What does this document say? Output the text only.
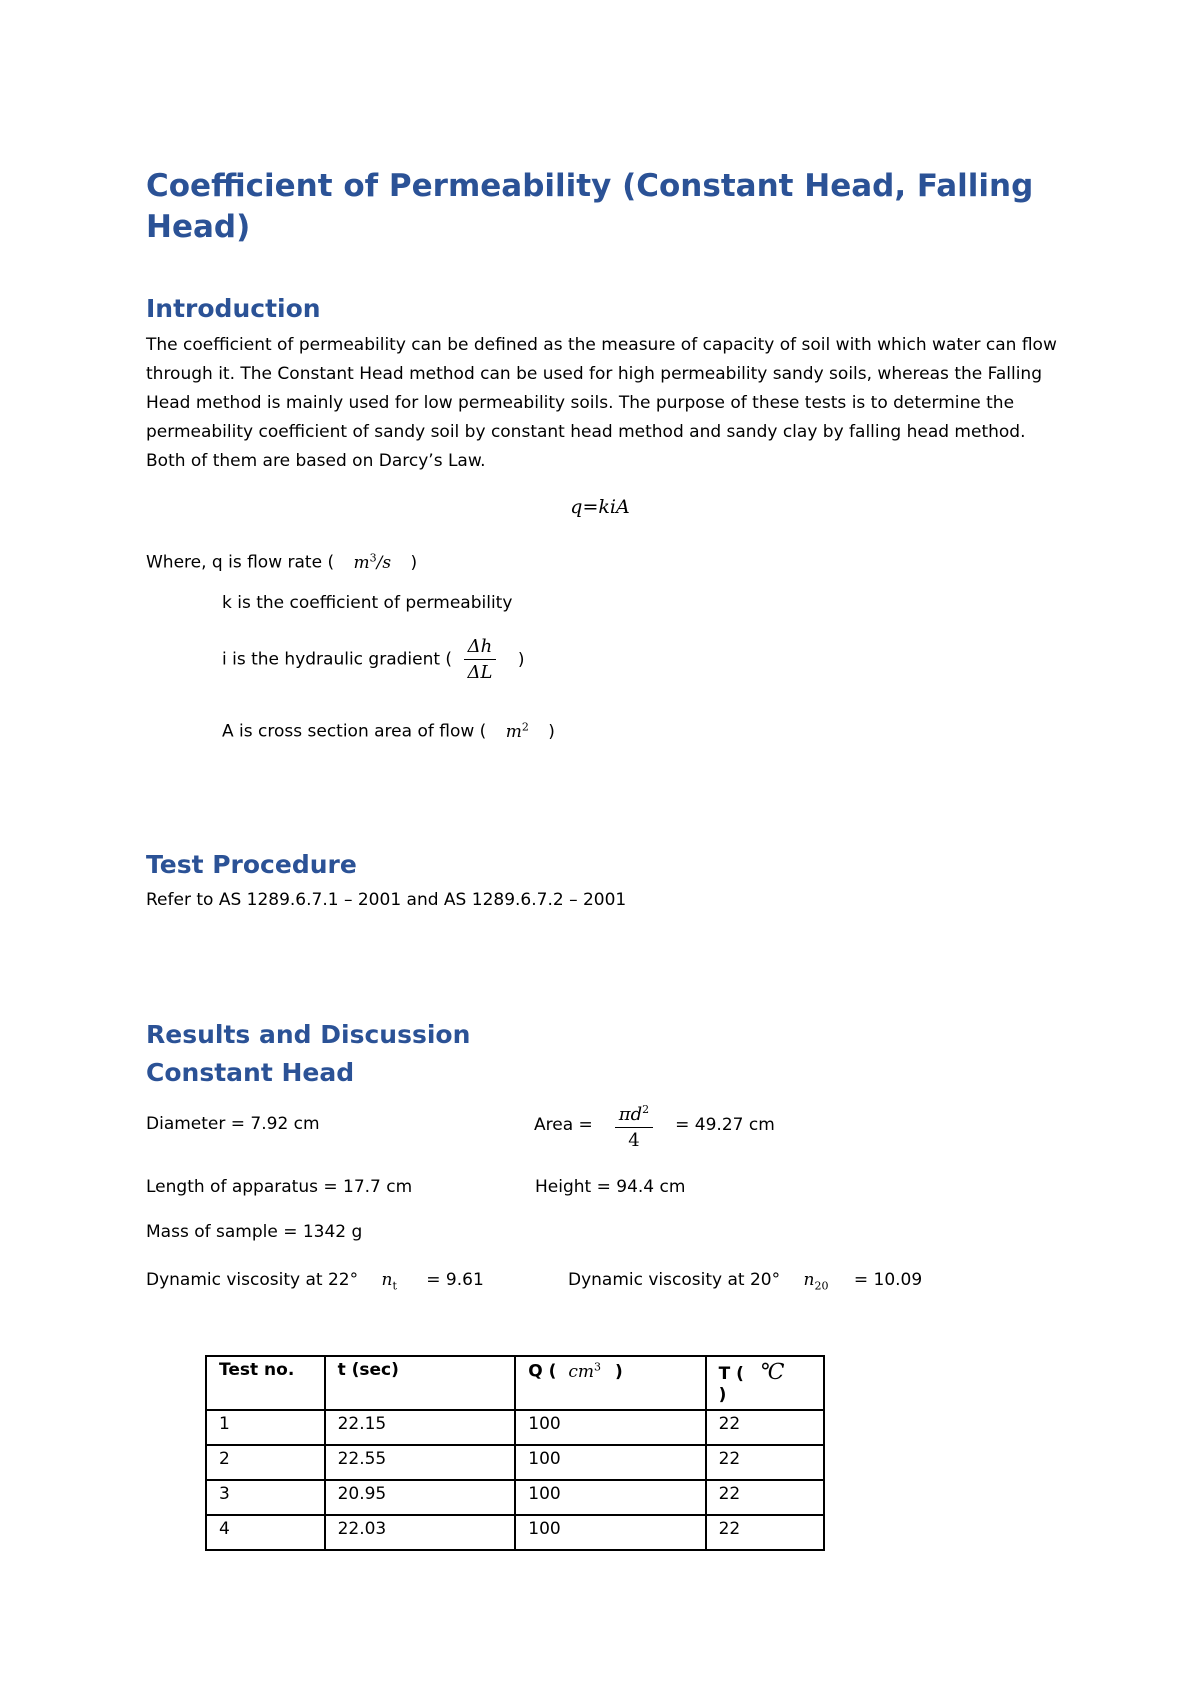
Coefficient of Permeability (Constant Head, Falling Head)
Introduction
The coefficient of permeability can be defined as the measure of capacity of soil with which water can flow through it. The Constant Head method can be used for high permeability sandy soils, whereas the Falling Head method is mainly used for low permeability soils. The purpose of these tests is to determine the permeability coefficient of sandy soil by constant head method and sandy clay by falling head method. Both of them are based on Darcy’s Law.
q=kiA
Where, q is flow rate ( $m^3/s$ )
k is the coefficient of permeability
i is the hydraulic gradient ( $\frac{\Delta h}{\Delta L}$ )
A is cross section area of flow ( $m^2$ )
Test Procedure
Refer to AS 1289.6.7.1 – 2001 and AS 1289.6.7.2 – 2001
Results and Discussion
Constant Head
Diameter = 7.92 cm	Area = $\frac{\pi d^2}{4} = 49.27$ cm
Length of apparatus = 17.7 cm	Height = 94.4 cm
Mass of sample = 1342 g
Dynamic viscosity at 22° $n_t = 9.61$	Dynamic viscosity at 20° $n_{20} = 10.09$
Test no.	t (sec)	Q ( $cm^3$ )	T ( ℃
)
1	22.15	100	22
2	22.55	100	22
3	20.95	100	22
4	22.03	100	22
